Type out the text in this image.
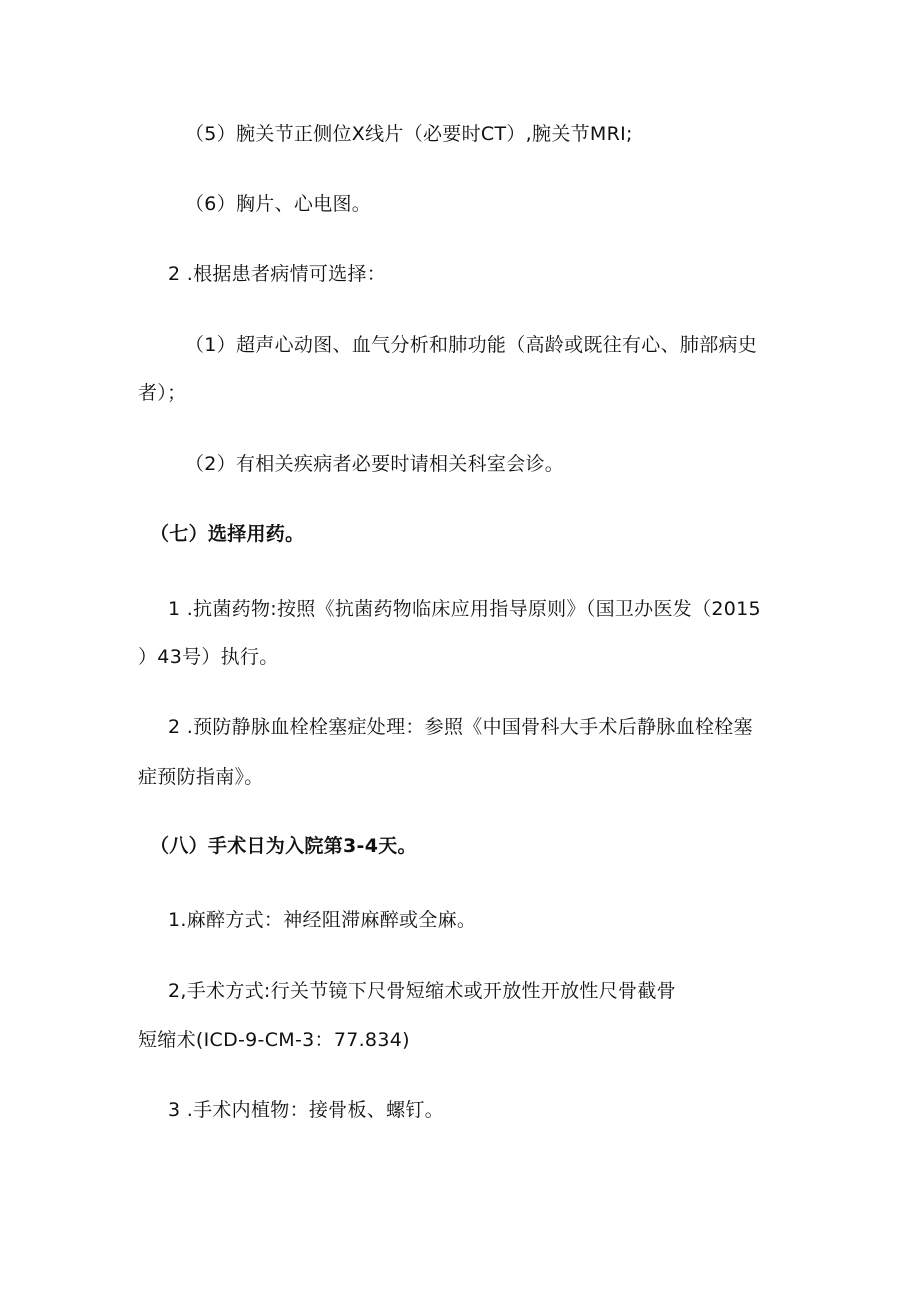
（5）腕关节正侧位X线片（必要时CT）,腕关节MRI;
（6）胸片、心电图。
2 .根据患者病情可选择：
（1）超声心动图、血气分析和肺功能（高龄或既往有心、肺部病史
者）；
（2）有相关疾病者必要时请相关科室会诊。
（七）选择用药。
1 .抗菌药物:按照《抗菌药物临床应用指导原则》（国卫办医发（2015
）43号）执行。
2 .预防静脉血栓栓塞症处理：参照《中国骨科大手术后静脉血栓栓塞
症预防指南》。
（八）手术日为入院第3-4天。
1.麻醉方式：神经阻滞麻醉或全麻。
2,手术方式:行关节镜下尺骨短缩术或开放性开放性尺骨截骨
短缩术(ICD-9-CM-3：77.834)
3 .手术内植物：接骨板、螺钉。
